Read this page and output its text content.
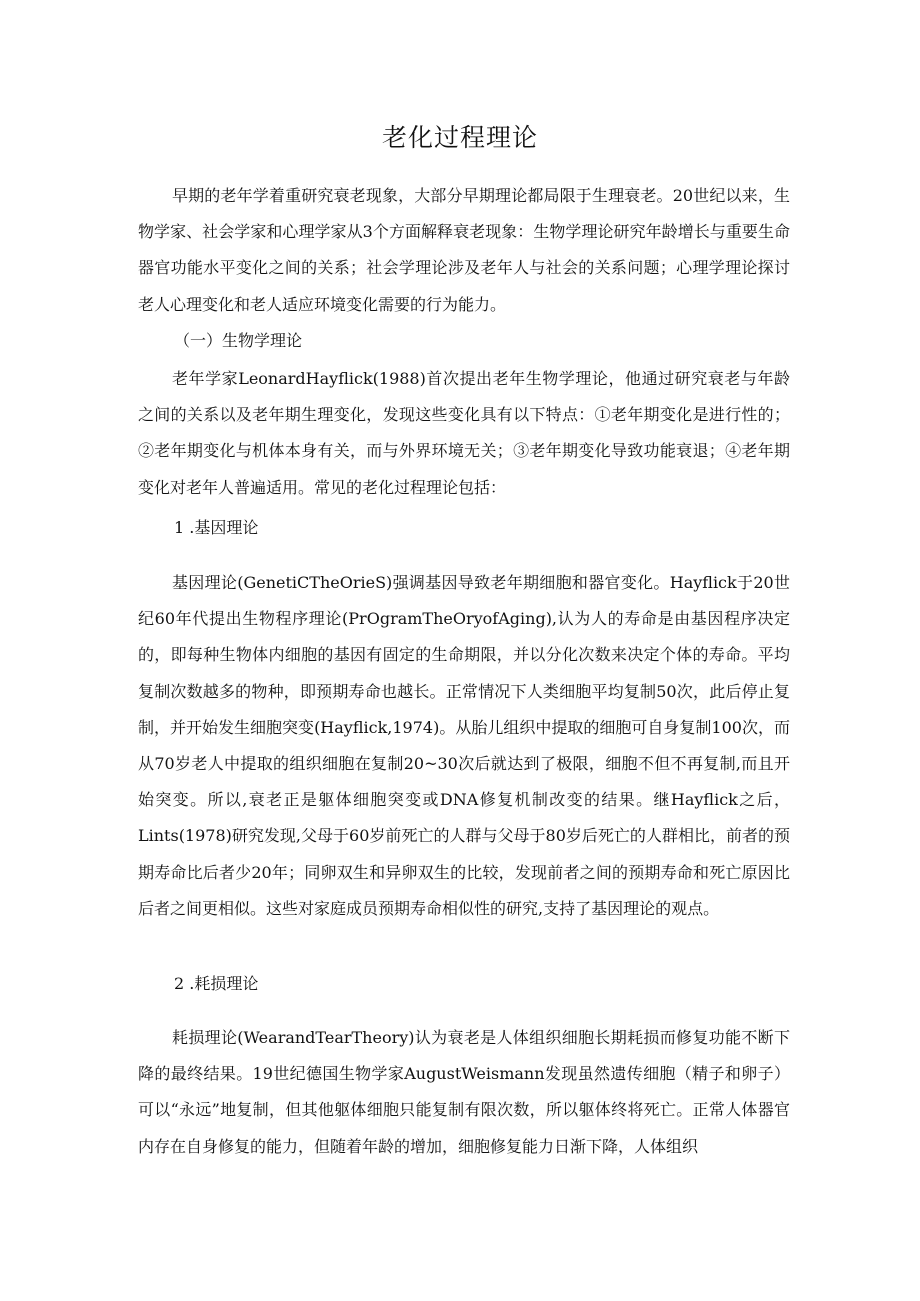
老化过程理论

早期的老年学着重研究衰老现象，大部分早期理论都局限于生理衰老。20世纪以来，生物学家、社会学家和心理学家从3个方面解释衰老现象：生物学理论研究年龄增长与重要生命器官功能水平变化之间的关系；社会学理论涉及老年人与社会的关系问题；心理学理论探讨老人心理变化和老人适应环境变化需要的行为能力。

（一）生物学理论

老年学家LeonardHayflick(1988)首次提出老年生物学理论，他通过研究衰老与年龄之间的关系以及老年期生理变化，发现这些变化具有以下特点：①老年期变化是进行性的；②老年期变化与机体本身有关，而与外界环境无关；③老年期变化导致功能衰退；④老年期变化对老年人普遍适用。常见的老化过程理论包括：

1 .基因理论

基因理论(GenetiCTheOrieS)强调基因导致老年期细胞和器官变化。Hayflick于20世纪60年代提出生物程序理论(PrOgramTheOryofAging),认为人的寿命是由基因程序决定的，即每种生物体内细胞的基因有固定的生命期限，并以分化次数来决定个体的寿命。平均复制次数越多的物种，即预期寿命也越长。正常情况下人类细胞平均复制50次，此后停止复制，并开始发生细胞突变(Hayflick,1974)。从胎儿组织中提取的细胞可自身复制100次，而从70岁老人中提取的组织细胞在复制20~30次后就达到了极限，细胞不但不再复制,而且开始突变。所以,衰老正是躯体细胞突变或DNA修复机制改变的结果。继Hayflick之后，Lints(1978)研究发现,父母于60岁前死亡的人群与父母于80岁后死亡的人群相比，前者的预期寿命比后者少20年；同卵双生和异卵双生的比较，发现前者之间的预期寿命和死亡原因比后者之间更相似。这些对家庭成员预期寿命相似性的研究,支持了基因理论的观点。

2 .耗损理论

耗损理论(WearandTearTheory)认为衰老是人体组织细胞长期耗损而修复功能不断下降的最终结果。19世纪德国生物学家AugustWeismann发现虽然遗传细胞（精子和卵子）可以“永远”地复制，但其他躯体细胞只能复制有限次数，所以躯体终将死亡。正常人体器官内存在自身修复的能力，但随着年龄的增加，细胞修复能力日渐下降，人体组织
